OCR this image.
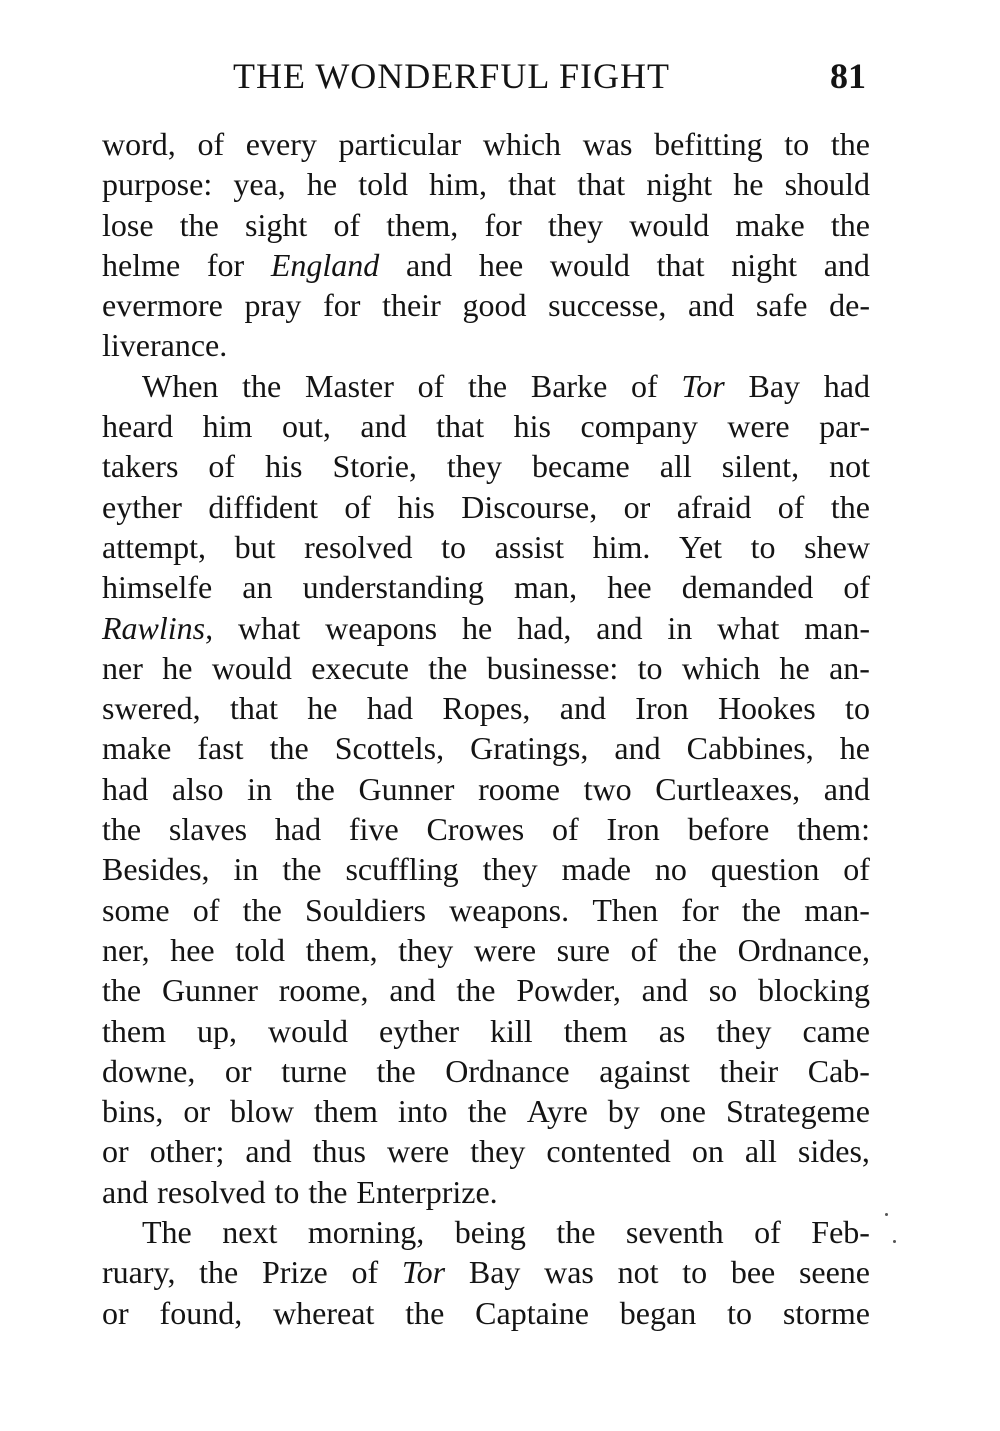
THE WONDERFUL FIGHT	81
word, of every particular which was befitting to the
purpose: yea, he told him, that that night he should
lose the sight of them, for they would make the
helme for England and hee would that night and
evermore pray for their good successe, and safe de-
liverance.
When the Master of the Barke of Tor Bay had
heard him out, and that his company were par-
takers of his Storie, they became all silent, not
eyther diffident of his Discourse, or afraid of the
attempt, but resolved to assist him. Yet to shew
himselfe an understanding man, hee demanded of
Rawlins, what weapons he had, and in what man-
ner he would execute the businesse: to which he an-
swered, that he had Ropes, and Iron Hookes to
make fast the Scottels, Gratings, and Cabbines, he
had also in the Gunner roome two Curtleaxes, and
the slaves had five Crowes of Iron before them:
Besides, in the scuffling they made no question of
some of the Souldiers weapons. Then for the man-
ner, hee told them, they were sure of the Ordnance,
the Gunner roome, and the Powder, and so blocking
them up, would eyther kill them as they came
downe, or turne the Ordnance against their Cab-
bins, or blow them into the Ayre by one Strategeme
or other; and thus were they contented on all sides,
and resolved to the Enterprize.
The next morning, being the seventh of Feb-
ruary, the Prize of Tor Bay was not to bee seene
or found, whereat the Captaine began to storme
